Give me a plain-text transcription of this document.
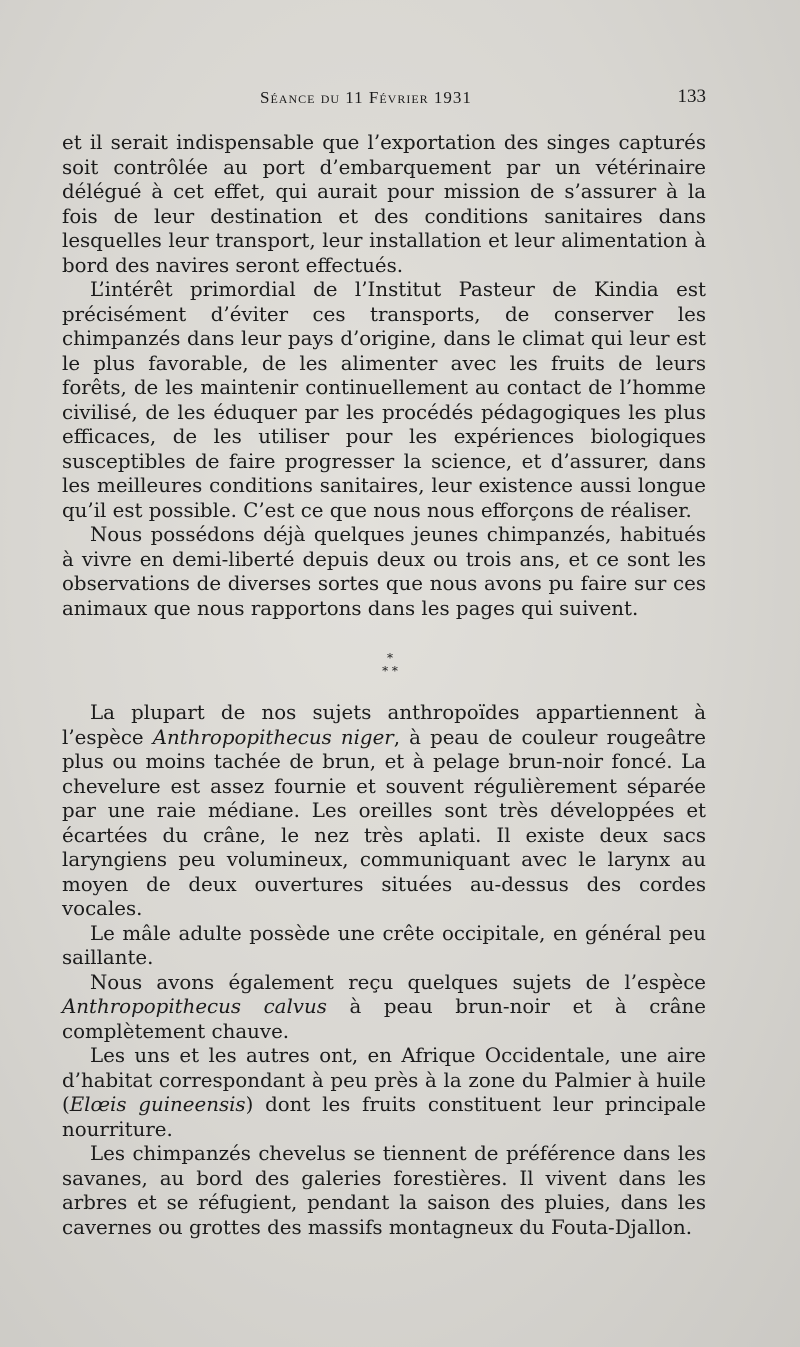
Séance du 11 Février 1931	133

et il serait indispensable que l’exportation des singes capturés soit contrôlée au port d’embarquement par un vétérinaire délégué à cet effet, qui aurait pour mission de s’assurer à la fois de leur destination et des conditions sanitaires dans lesquelles leur transport, leur installation et leur alimentation à bord des navires seront effectués.

L’intérêt primordial de l’Institut Pasteur de Kindia est précisément d’éviter ces transports, de conserver les chimpanzés dans leur pays d’origine, dans le climat qui leur est le plus favorable, de les alimenter avec les fruits de leurs forêts, de les maintenir continuellement au contact de l’homme civilisé, de les éduquer par les procédés pédagogiques les plus efficaces, de les utiliser pour les expériences biologiques susceptibles de faire progresser la science, et d’assurer, dans les meilleures conditions sanitaires, leur existence aussi longue qu’il est possible. C’est ce que nous nous efforçons de réaliser.

Nous possédons déjà quelques jeunes chimpanzés, habitués à vivre en demi-liberté depuis deux ou trois ans, et ce sont les observations de diverses sortes que nous avons pu faire sur ces animaux que nous rapportons dans les pages qui suivent.

*
* *

La plupart de nos sujets anthropoïdes appartiennent à l’espèce Anthropopithecus niger, à peau de couleur rougeâtre plus ou moins tachée de brun, et à pelage brun-noir foncé. La chevelure est assez fournie et souvent régulièrement séparée par une raie médiane. Les oreilles sont très développées et écartées du crâne, le nez très aplati. Il existe deux sacs laryngiens peu volumineux, communiquant avec le larynx au moyen de deux ouvertures situées au-dessus des cordes vocales.

Le mâle adulte possède une crête occipitale, en général peu saillante.

Nous avons également reçu quelques sujets de l’espèce Anthropopithecus calvus à peau brun-noir et à crâne complètement chauve.

Les uns et les autres ont, en Afrique Occidentale, une aire d’habitat correspondant à peu près à la zone du Palmier à huile (Elœis guineensis) dont les fruits constituent leur principale nourriture.

Les chimpanzés chevelus se tiennent de préférence dans les savanes, au bord des galeries forestières. Il vivent dans les arbres et se réfugient, pendant la saison des pluies, dans les cavernes ou grottes des massifs montagneux du Fouta-Djallon.
